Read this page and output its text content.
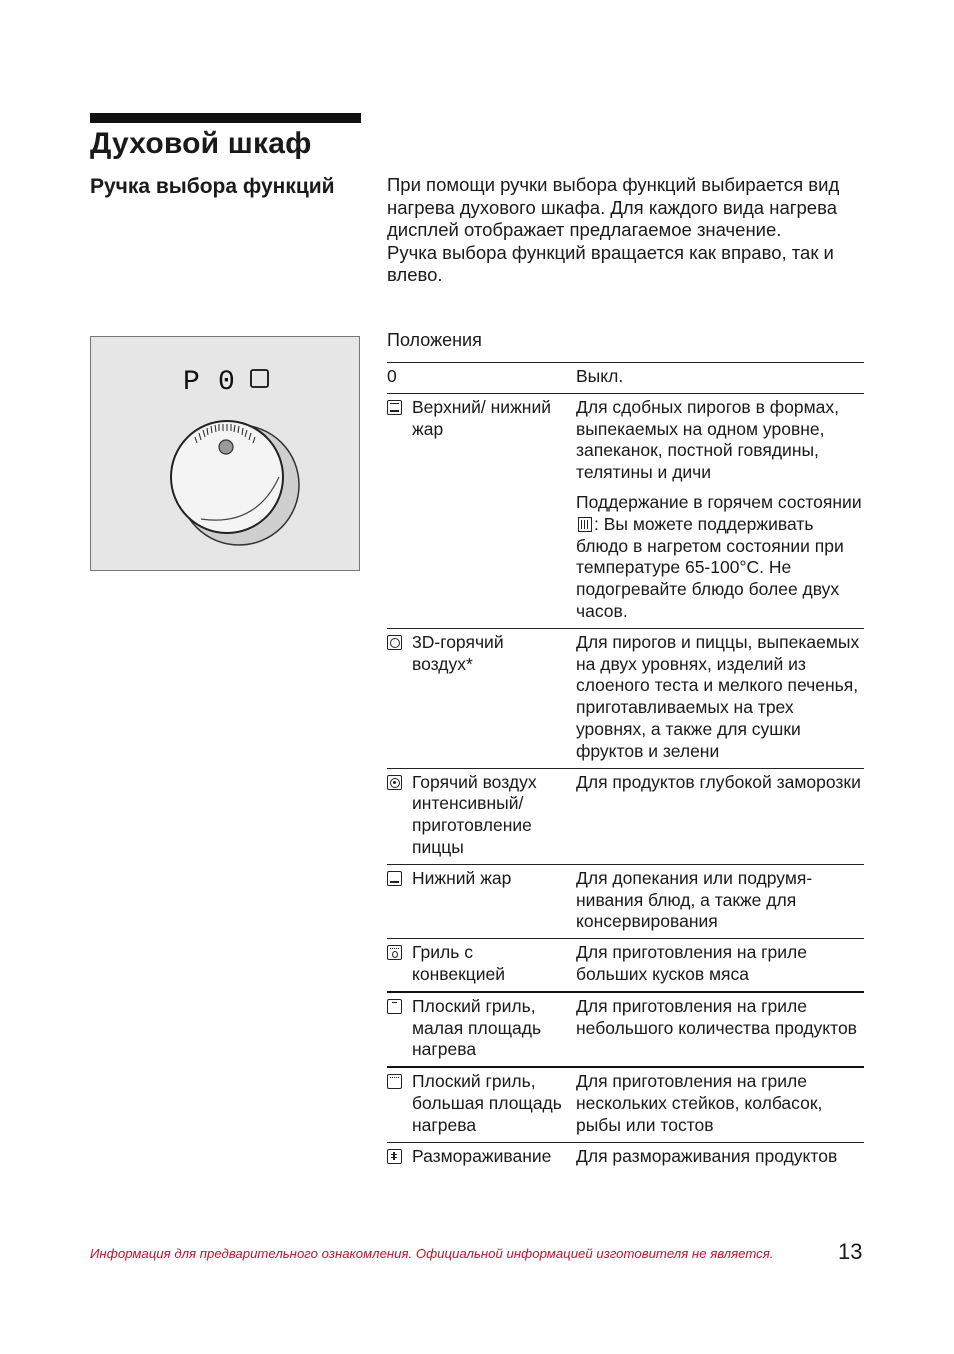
Духовой шкаф
Ручка выбора функций	При помощи ручки выбора функций выбирается вид нагрева духового шкафа. Для каждого вида нагрева дисплей отображает предлагаемое значение.

Ручка выбора функций вращается как вправо, так и влево.

P 0
Положения
0	Выкл.

Верхний/ нижний жар	Для сдобных пирогов в формах, выпекаемых на одном уровне, запеканок, постной говядины, телятины и дичи
	Поддержание в горячем состоянии: Вы можете поддерживать блюдо в нагретом состоянии при температуре 65-100°C. Не подогревайте блюдо более двух часов.

3D-горячий воздух*	Для пирогов и пиццы, выпекаемых на двух уровнях, изделий из слоеного теста и мелкого печенья, приготавливаемых на трех уровнях, а также для сушки фруктов и зелени

Горячий воздух интенсивный/ приготовление пиццы	Для продуктов глубокой заморозки

Нижний жар	Для допекания или подрумянивания блюд, а также для консервирования

Гриль с конвекцией	Для приготовления на гриле больших кусков мяса

Плоский гриль, малая площадь нагрева	Для приготовления на гриле небольшого количества продуктов

Плоский гриль, большая площадь нагрева	Для приготовления на гриле нескольких стейков, колбасок, рыбы или тостов

Размораживание	Для размораживания продуктов
Информация для предварительного ознакомления. Официальной информацией изготовителя не является.	13
